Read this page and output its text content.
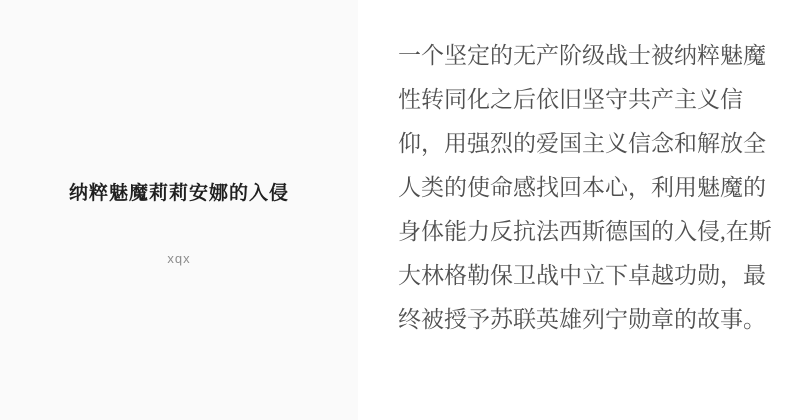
纳粹魅魔莉莉安娜的入侵
xqx
一个坚定的无产阶级战士被纳粹魅魔
性转同化之后依旧坚守共产主义信
仰，用强烈的爱国主义信念和解放全
人类的使命感找回本心，利用魅魔的
身体能力反抗法西斯德国的入侵,在斯
大林格勒保卫战中立下卓越功勋，最
终被授予苏联英雄列宁勋章的故事。
